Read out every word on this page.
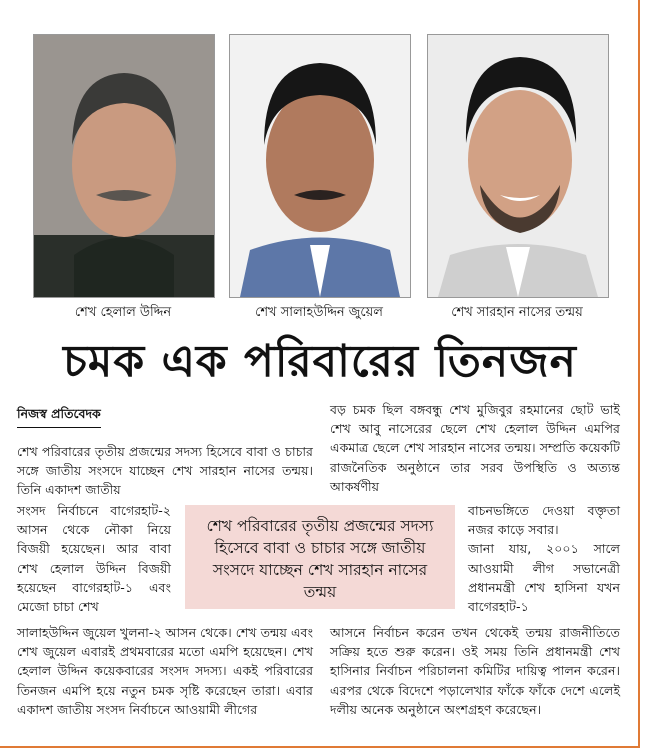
শেখ হেলাল উদ্দিন	শেখ সালাহউদ্দিন জুয়েল	শেখ সারহান নাসের তন্ময়
চমক এক পরিবারের তিনজন
নিজস্ব প্রতিবেদক

শেখ পরিবারের তৃতীয় প্রজন্মের সদস্য হিসেবে বাবা ও চাচার সঙ্গে জাতীয় সংসদে যাচ্ছেন শেখ সারহান নাসের তন্ময়। তিনি একাদশ জাতীয়

সংসদ নির্বাচনে বাগেরহাট-২ আসন থেকে নৌকা নিয়ে বিজয়ী হয়েছেন। আর বাবা শেখ হেলাল উদ্দিন বিজয়ী হয়েছেন বাগেরহাট-১ এবং মেজো চাচা শেখ

সালাহউদ্দিন জুয়েল খুলনা-২ আসন থেকে। শেখ তন্ময় এবং শেখ জুয়েল এবারই প্রথমবারের মতো এমপি হয়েছেন। শেখ হেলাল উদ্দিন কয়েকবারের সংসদ সদস্য। একই পরিবারের তিনজন এমপি হয়ে নতুন চমক সৃষ্টি করেছেন তারা। এবার একাদশ জাতীয় সংসদ নির্বাচনে আওয়ামী লীগের

বড় চমক ছিল বঙ্গবন্ধু শেখ মুজিবুর রহমানের ছোট ভাই শেখ আবু নাসেরের ছেলে শেখ হেলাল উদ্দিন এমপির একমাত্র ছেলে শেখ সারহান নাসের তন্ময়। সম্প্রতি কয়েকটি রাজনৈতিক অনুষ্ঠানে তার সরব উপস্থিতি ও অত্যন্ত আকর্ষণীয়

বাচনভঙ্গিতে দেওয়া বক্তৃতা নজর কাড়ে সবার।

জানা যায়, ২০০১ সালে আওয়ামী লীগ সভানেত্রী প্রধানমন্ত্রী শেখ হাসিনা যখন বাগেরহাট-১

আসনে নির্বাচন করেন তখন থেকেই তন্ময় রাজনীতিতে সক্রিয় হতে শুরু করেন। ওই সময় তিনি প্রধানমন্ত্রী শেখ হাসিনার নির্বাচন পরিচালনা কমিটির দায়িত্ব পালন করেন। এরপর থেকে বিদেশে পড়ালেখার ফাঁকে ফাঁকে দেশে এলেই দলীয় অনেক অনুষ্ঠানে অংশগ্রহণ করেছেন।

শেখ পরিবারের তৃতীয় প্রজন্মের সদস্য হিসেবে বাবা ও চাচার সঙ্গে জাতীয় সংসদে যাচ্ছেন শেখ সারহান নাসের তন্ময়
